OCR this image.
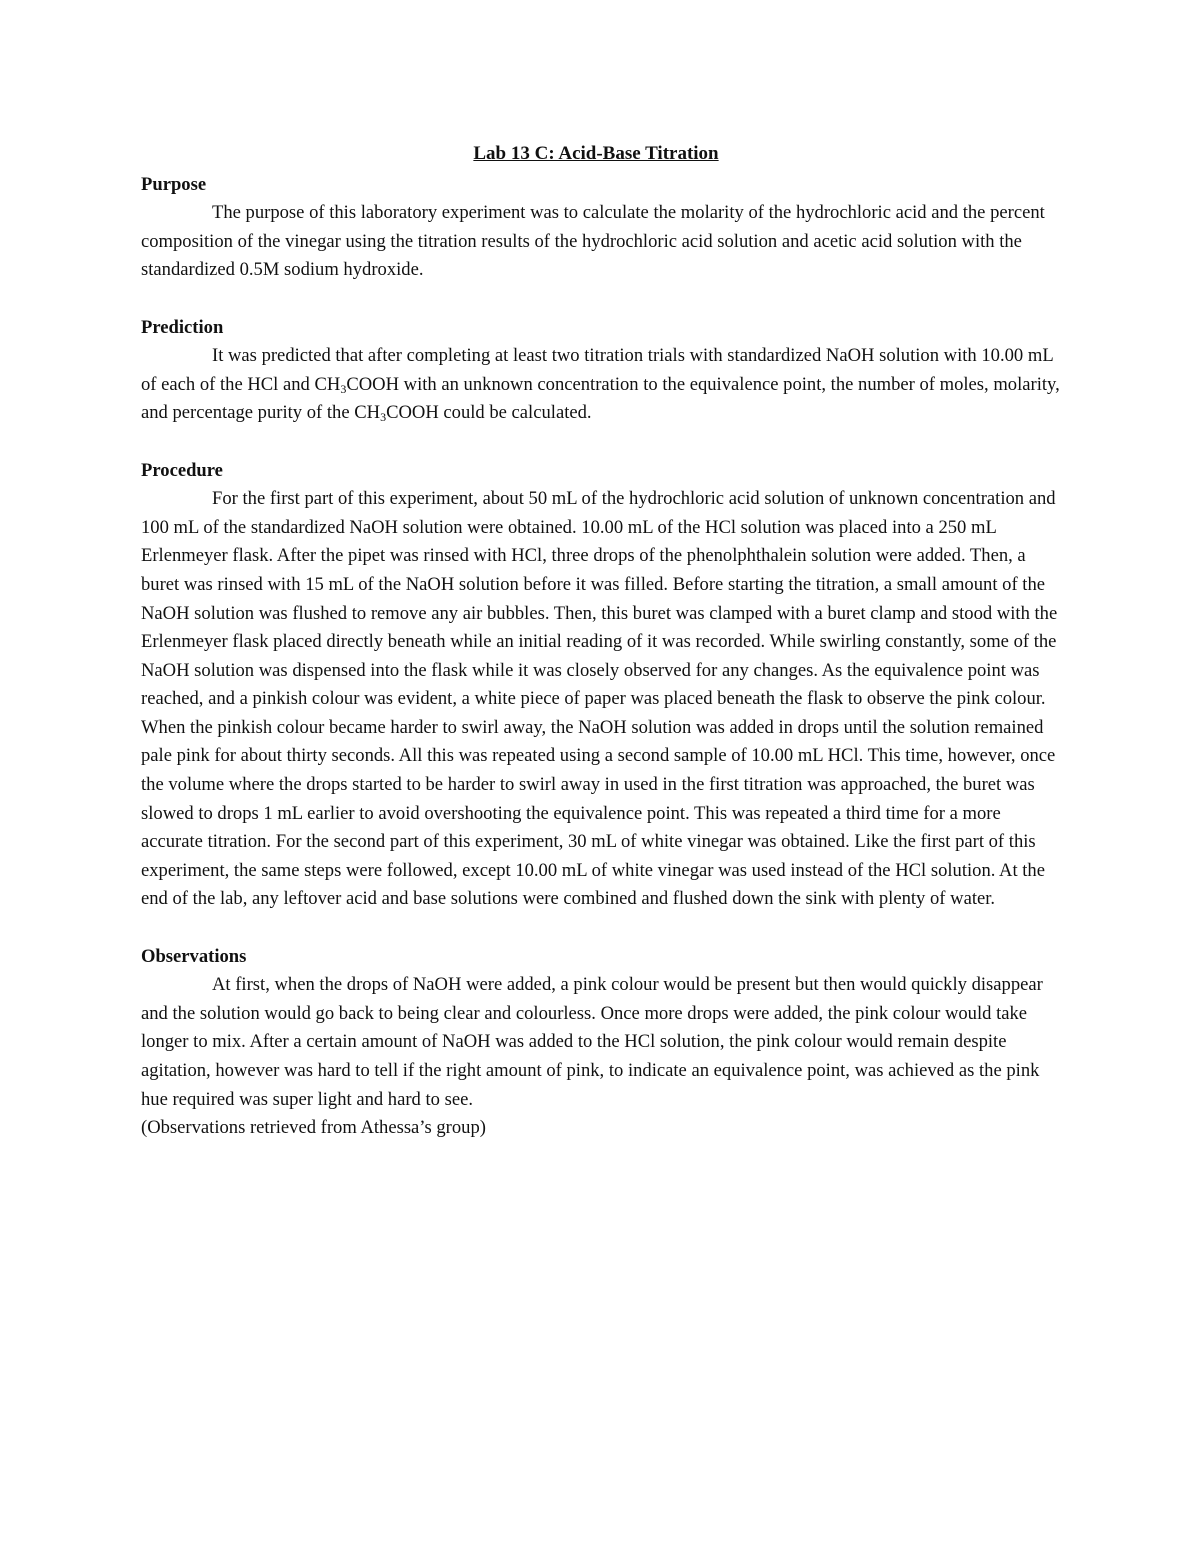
Lab 13 C: Acid-Base Titration

Purpose

The purpose of this laboratory experiment was to calculate the molarity of the hydrochloric acid and the percent composition of the vinegar using the titration results of the hydrochloric acid solution and acetic acid solution with the standardized 0.5M sodium hydroxide.

Prediction

It was predicted that after completing at least two titration trials with standardized NaOH solution with 10.00 mL of each of the HCl and $CH_3COOH$ with an unknown concentration to the equivalence point, the number of moles, molarity, and percentage purity of the $CH_3COOH$ could be calculated.

Procedure

For the first part of this experiment, about 50 mL of the hydrochloric acid solution of unknown concentration and 100 mL of the standardized NaOH solution were obtained. 10.00 mL of the HCl solution was placed into a 250 mL Erlenmeyer flask. After the pipet was rinsed with HCl, three drops of the phenolphthalein solution were added. Then, a buret was rinsed with 15 mL of the NaOH solution before it was filled. Before starting the titration, a small amount of the NaOH solution was flushed to remove any air bubbles. Then, this buret was clamped with a buret clamp and stood with the Erlenmeyer flask placed directly beneath while an initial reading of it was recorded. While swirling constantly, some of the NaOH solution was dispensed into the flask while it was closely observed for any changes. As the equivalence point was reached, and a pinkish colour was evident, a white piece of paper was placed beneath the flask to observe the pink colour. When the pinkish colour became harder to swirl away, the NaOH solution was added in drops until the solution remained pale pink for about thirty seconds. All this was repeated using a second sample of 10.00 mL HCl. This time, however, once the volume where the drops started to be harder to swirl away in used in the first titration was approached, the buret was slowed to drops 1 mL earlier to avoid overshooting the equivalence point. This was repeated a third time for a more accurate titration. For the second part of this experiment, 30 mL of white vinegar was obtained. Like the first part of this experiment, the same steps were followed, except 10.00 mL of white vinegar was used instead of the HCl solution. At the end of the lab, any leftover acid and base solutions were combined and flushed down the sink with plenty of water.

Observations

At first, when the drops of NaOH were added, a pink colour would be present but then would quickly disappear and the solution would go back to being clear and colourless. Once more drops were added, the pink colour would take longer to mix. After a certain amount of NaOH was added to the HCl solution, the pink colour would remain despite agitation, however was hard to tell if the right amount of pink, to indicate an equivalence point, was achieved as the pink hue required was super light and hard to see.

(Observations retrieved from Athessa’s group)
